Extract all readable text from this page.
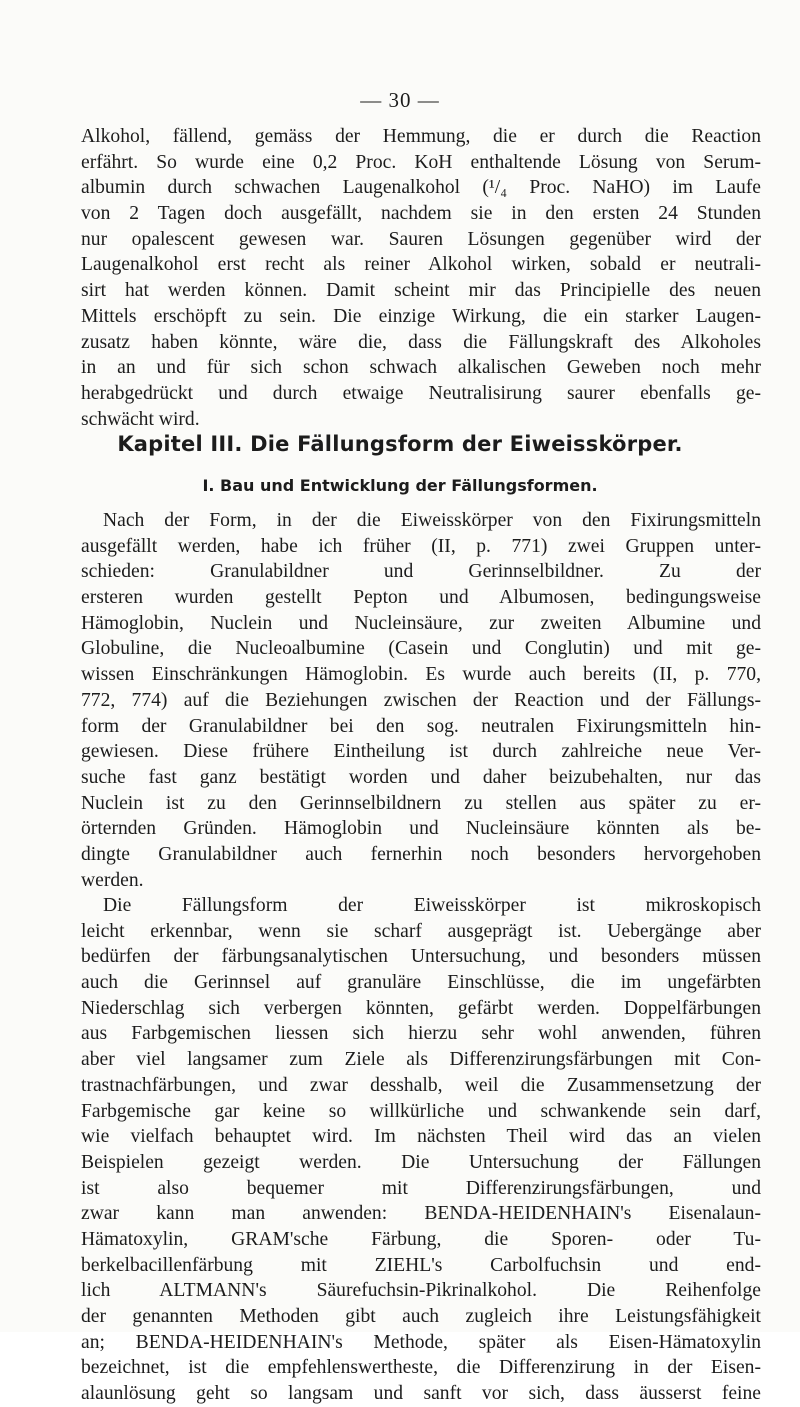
— 30 —
Alkohol, fällend, gemäss der Hemmung, die er durch die Reaction
erfährt. So wurde eine 0,2 Proc. KoH enthaltende Lösung von Serum-
albumin durch schwachen Laugenalkohol (¹/₄ Proc. NaHO) im Laufe
von 2 Tagen doch ausgefällt, nachdem sie in den ersten 24 Stunden
nur opalescent gewesen war. Sauren Lösungen gegenüber wird der
Laugenalkohol erst recht als reiner Alkohol wirken, sobald er neutrali-
sirt hat werden können. Damit scheint mir das Principielle des neuen
Mittels erschöpft zu sein. Die einzige Wirkung, die ein starker Laugen-
zusatz haben könnte, wäre die, dass die Fällungskraft des Alkoholes
in an und für sich schon schwach alkalischen Geweben noch mehr
herabgedrückt und durch etwaige Neutralisirung saurer ebenfalls ge-
schwächt wird.
Kapitel III. Die Fällungsform der Eiweisskörper.
I. Bau und Entwicklung der Fällungsformen.
Nach der Form, in der die Eiweisskörper von den Fixirungsmitteln
ausgefällt werden, habe ich früher (II, p. 771) zwei Gruppen unter-
schieden: Granulabildner und Gerinnselbildner. Zu der
ersteren wurden gestellt Pepton und Albumosen, bedingungsweise
Hämoglobin, Nuclein und Nucleinsäure, zur zweiten Albumine und
Globuline, die Nucleoalbumine (Casein und Conglutin) und mit ge-
wissen Einschränkungen Hämoglobin. Es wurde auch bereits (II, p. 770,
772, 774) auf die Beziehungen zwischen der Reaction und der Fällungs-
form der Granulabildner bei den sog. neutralen Fixirungsmitteln hin-
gewiesen. Diese frühere Eintheilung ist durch zahlreiche neue Ver-
suche fast ganz bestätigt worden und daher beizubehalten, nur das
Nuclein ist zu den Gerinnselbildnern zu stellen aus später zu er-
örternden Gründen. Hämoglobin und Nucleinsäure könnten als be-
dingte Granulabildner auch fernerhin noch besonders hervorgehoben
werden.
Die Fällungsform der Eiweisskörper ist mikroskopisch
leicht erkennbar, wenn sie scharf ausgeprägt ist. Uebergänge aber
bedürfen der färbungsanalytischen Untersuchung, und besonders müssen
auch die Gerinnsel auf granuläre Einschlüsse, die im ungefärbten
Niederschlag sich verbergen könnten, gefärbt werden. Doppelfärbungen
aus Farbgemischen liessen sich hierzu sehr wohl anwenden, führen
aber viel langsamer zum Ziele als Differenzirungsfärbungen mit Con-
trastnachfärbungen, und zwar desshalb, weil die Zusammensetzung der
Farbgemische gar keine so willkürliche und schwankende sein darf,
wie vielfach behauptet wird. Im nächsten Theil wird das an vielen
Beispielen gezeigt werden. Die Untersuchung der Fällungen
ist also bequemer mit Differenzirungsfärbungen, und
zwar kann man anwenden: BENDA-HEIDENHAIN's Eisenalaun-
Hämatoxylin, GRAM'sche Färbung, die Sporen- oder Tu-
berkelbacillenfärbung mit ZIEHL's Carbolfuchsin und end-
lich ALTMANN's Säurefuchsin-Pikrinalkohol. Die Reihenfolge
der genannten Methoden gibt auch zugleich ihre Leistungsfähigkeit
an; BENDA-HEIDENHAIN's Methode, später als Eisen-Hämatoxylin
bezeichnet, ist die empfehlenswertheste, die Differenzirung in der Eisen-
alaunlösung geht so langsam und sanft vor sich, dass äusserst feine
